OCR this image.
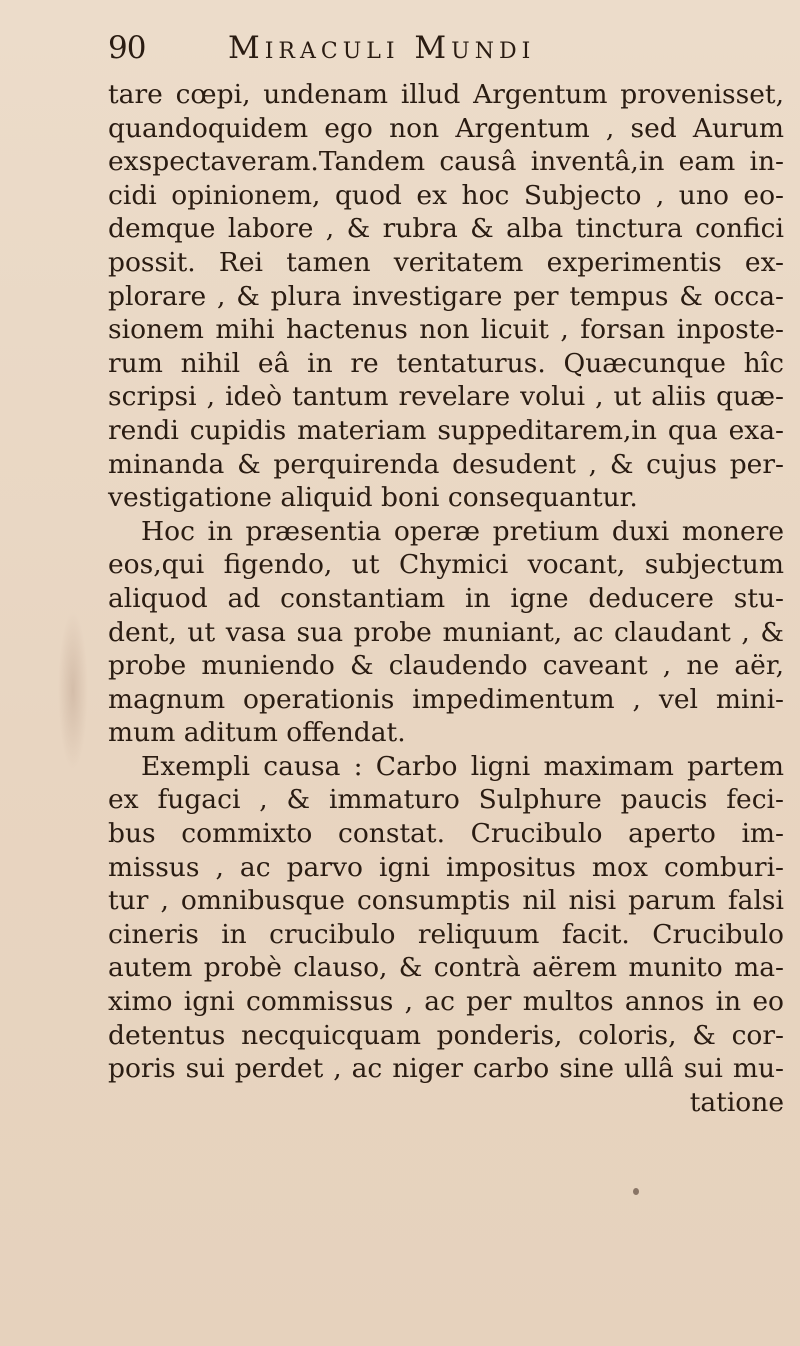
90	Miraculi Mundi
tare cœpi, undenam illud Argentum provenisset,
quandoquidem ego non Argentum , sed Aurum
exspectaveram.Tandem causâ inventâ,in eam in-
cidi opinionem, quod ex hoc Subjecto , uno eo-
demque labore , & rubra & alba tinctura confici
possit. Rei tamen veritatem experimentis ex-
plorare , & plura investigare per tempus & occa-
sionem mihi hactenus non licuit , forsan inposte-
rum nihil eâ in re tentaturus. Quæcunque hîc
scripsi , ideò tantum revelare volui , ut aliis quæ-
rendi cupidis materiam suppeditarem,in qua exa-
minanda & perquirenda desudent , & cujus per-
vestigatione aliquid boni consequantur.
Hoc in præsentia operæ pretium duxi monere
eos,qui figendo, ut Chymici vocant, subjectum
aliquod ad constantiam in igne deducere stu-
dent, ut vasa sua probe muniant, ac claudant , &
probe muniendo & claudendo caveant , ne aër,
magnum operationis impedimentum , vel mini-
mum aditum offendat.
Exempli causa : Carbo ligni maximam partem
ex fugaci , & immaturo Sulphure paucis feci-
bus commixto constat. Crucibulo aperto im-
missus , ac parvo igni impositus mox comburi-
tur , omnibusque consumptis nil nisi parum falsi
cineris in crucibulo reliquum facit. Crucibulo
autem probè clauso, & contrà aërem munito ma-
ximo igni commissus , ac per multos annos in eo
detentus necquicquam ponderis, coloris, & cor-
poris sui perdet , ac niger carbo sine ullâ sui mu-
tatione
